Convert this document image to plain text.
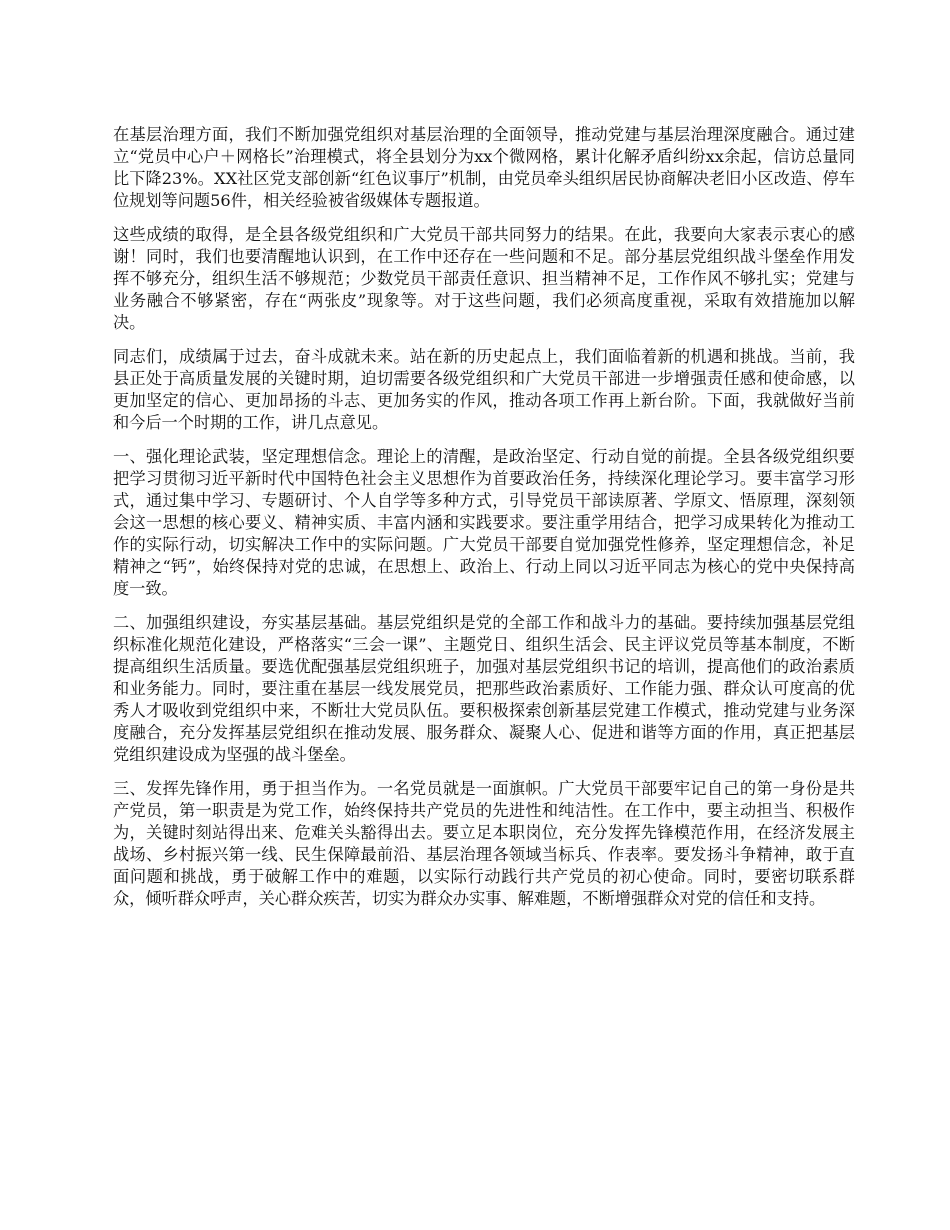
在基层治理方面，我们不断加强党组织对基层治理的全面领导，推动党建与基层治理深度融合。通过建立“党员中心户＋网格长”治理模式，将全县划分为xx个微网格，累计化解矛盾纠纷xx余起，信访总量同比下降23%。XX社区党支部创新“红色议事厅”机制，由党员牵头组织居民协商解决老旧小区改造、停车位规划等问题56件，相关经验被省级媒体专题报道。

这些成绩的取得，是全县各级党组织和广大党员干部共同努力的结果。在此，我要向大家表示衷心的感谢！同时，我们也要清醒地认识到，在工作中还存在一些问题和不足。部分基层党组织战斗堡垒作用发挥不够充分，组织生活不够规范；少数党员干部责任意识、担当精神不足，工作作风不够扎实；党建与业务融合不够紧密，存在“两张皮”现象等。对于这些问题，我们必须高度重视，采取有效措施加以解决。

同志们，成绩属于过去，奋斗成就未来。站在新的历史起点上，我们面临着新的机遇和挑战。当前，我县正处于高质量发展的关键时期，迫切需要各级党组织和广大党员干部进一步增强责任感和使命感，以更加坚定的信心、更加昂扬的斗志、更加务实的作风，推动各项工作再上新台阶。下面，我就做好当前和今后一个时期的工作，讲几点意见。

一、强化理论武装，坚定理想信念。理论上的清醒，是政治坚定、行动自觉的前提。全县各级党组织要把学习贯彻习近平新时代中国特色社会主义思想作为首要政治任务，持续深化理论学习。要丰富学习形式，通过集中学习、专题研讨、个人自学等多种方式，引导党员干部读原著、学原文、悟原理，深刻领会这一思想的核心要义、精神实质、丰富内涵和实践要求。要注重学用结合，把学习成果转化为推动工作的实际行动，切实解决工作中的实际问题。广大党员干部要自觉加强党性修养，坚定理想信念，补足精神之“钙”，始终保持对党的忠诚，在思想上、政治上、行动上同以习近平同志为核心的党中央保持高度一致。

二、加强组织建设，夯实基层基础。基层党组织是党的全部工作和战斗力的基础。要持续加强基层党组织标准化规范化建设，严格落实“三会一课”、主题党日、组织生活会、民主评议党员等基本制度，不断提高组织生活质量。要选优配强基层党组织班子，加强对基层党组织书记的培训，提高他们的政治素质和业务能力。同时，要注重在基层一线发展党员，把那些政治素质好、工作能力强、群众认可度高的优秀人才吸收到党组织中来，不断壮大党员队伍。要积极探索创新基层党建工作模式，推动党建与业务深度融合，充分发挥基层党组织在推动发展、服务群众、凝聚人心、促进和谐等方面的作用，真正把基层党组织建设成为坚强的战斗堡垒。

三、发挥先锋作用，勇于担当作为。一名党员就是一面旗帜。广大党员干部要牢记自己的第一身份是共产党员，第一职责是为党工作，始终保持共产党员的先进性和纯洁性。在工作中，要主动担当、积极作为，关键时刻站得出来、危难关头豁得出去。要立足本职岗位，充分发挥先锋模范作用，在经济发展主战场、乡村振兴第一线、民生保障最前沿、基层治理各领域当标兵、作表率。要发扬斗争精神，敢于直面问题和挑战，勇于破解工作中的难题，以实际行动践行共产党员的初心使命。同时，要密切联系群众，倾听群众呼声，关心群众疾苦，切实为群众办实事、解难题，不断增强群众对党的信任和支持。
